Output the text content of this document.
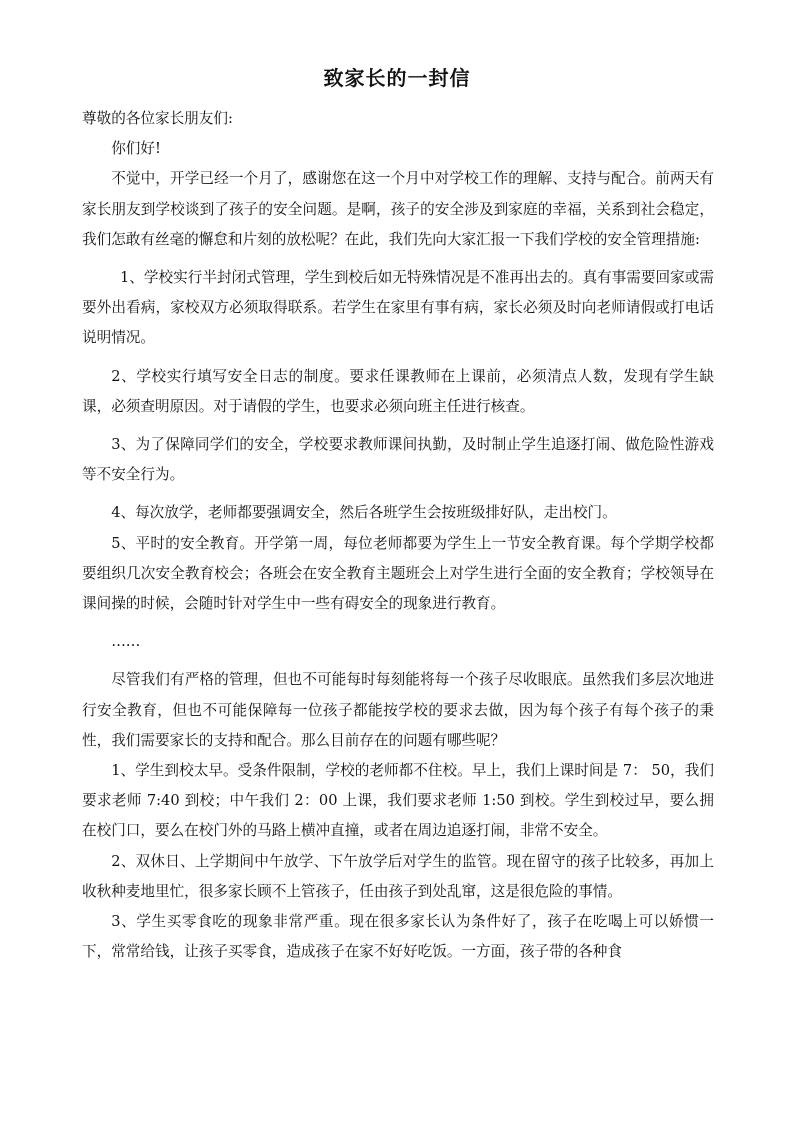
致家长的一封信

尊敬的各位家长朋友们:

你们好!

不觉中，开学已经一个月了，感谢您在这一个月中对学校工作的理解、支持与配合。前两天有家长朋友到学校谈到了孩子的安全问题。是啊，孩子的安全涉及到家庭的幸福，关系到社会稳定，我们怎敢有丝毫的懈怠和片刻的放松呢？在此，我们先向大家汇报一下我们学校的安全管理措施:

1、学校实行半封闭式管理，学生到校后如无特殊情况是不准再出去的。真有事需要回家或需要外出看病，家校双方必须取得联系。若学生在家里有事有病，家长必须及时向老师请假或打电话说明情况。

2、学校实行填写安全日志的制度。要求任课教师在上课前，必须清点人数，发现有学生缺课，必须查明原因。对于请假的学生，也要求必须向班主任进行核查。

3、为了保障同学们的安全，学校要求教师课间执勤，及时制止学生追逐打闹、做危险性游戏等不安全行为。

4、每次放学，老师都要强调安全，然后各班学生会按班级排好队，走出校门。

5、平时的安全教育。开学第一周，每位老师都要为学生上一节安全教育课。每个学期学校都要组织几次安全教育校会；各班会在安全教育主题班会上对学生进行全面的安全教育；学校领导在课间操的时候，会随时针对学生中一些有碍安全的现象进行教育。

……

尽管我们有严格的管理，但也不可能每时每刻能将每一个孩子尽收眼底。虽然我们多层次地进行安全教育，但也不可能保障每一位孩子都能按学校的要求去做，因为每个孩子有每个孩子的秉性，我们需要家长的支持和配合。那么目前存在的问题有哪些呢？

1、学生到校太早。受条件限制，学校的老师都不住校。早上，我们上课时间是 7： 50，我们要求老师 7:40 到校；中午我们 2：00 上课，我们要求老师 1:50 到校。学生到校过早，要么拥在校门口，要么在校门外的马路上横冲直撞，或者在周边追逐打闹，非常不安全。

2、双休日、上学期间中午放学、下午放学后对学生的监管。现在留守的孩子比较多，再加上收秋种麦地里忙，很多家长顾不上管孩子，任由孩子到处乱窜，这是很危险的事情。

3、学生买零食吃的现象非常严重。现在很多家长认为条件好了，孩子在吃喝上可以娇惯一下，常常给钱，让孩子买零食，造成孩子在家不好好吃饭。一方面，孩子带的各种食
